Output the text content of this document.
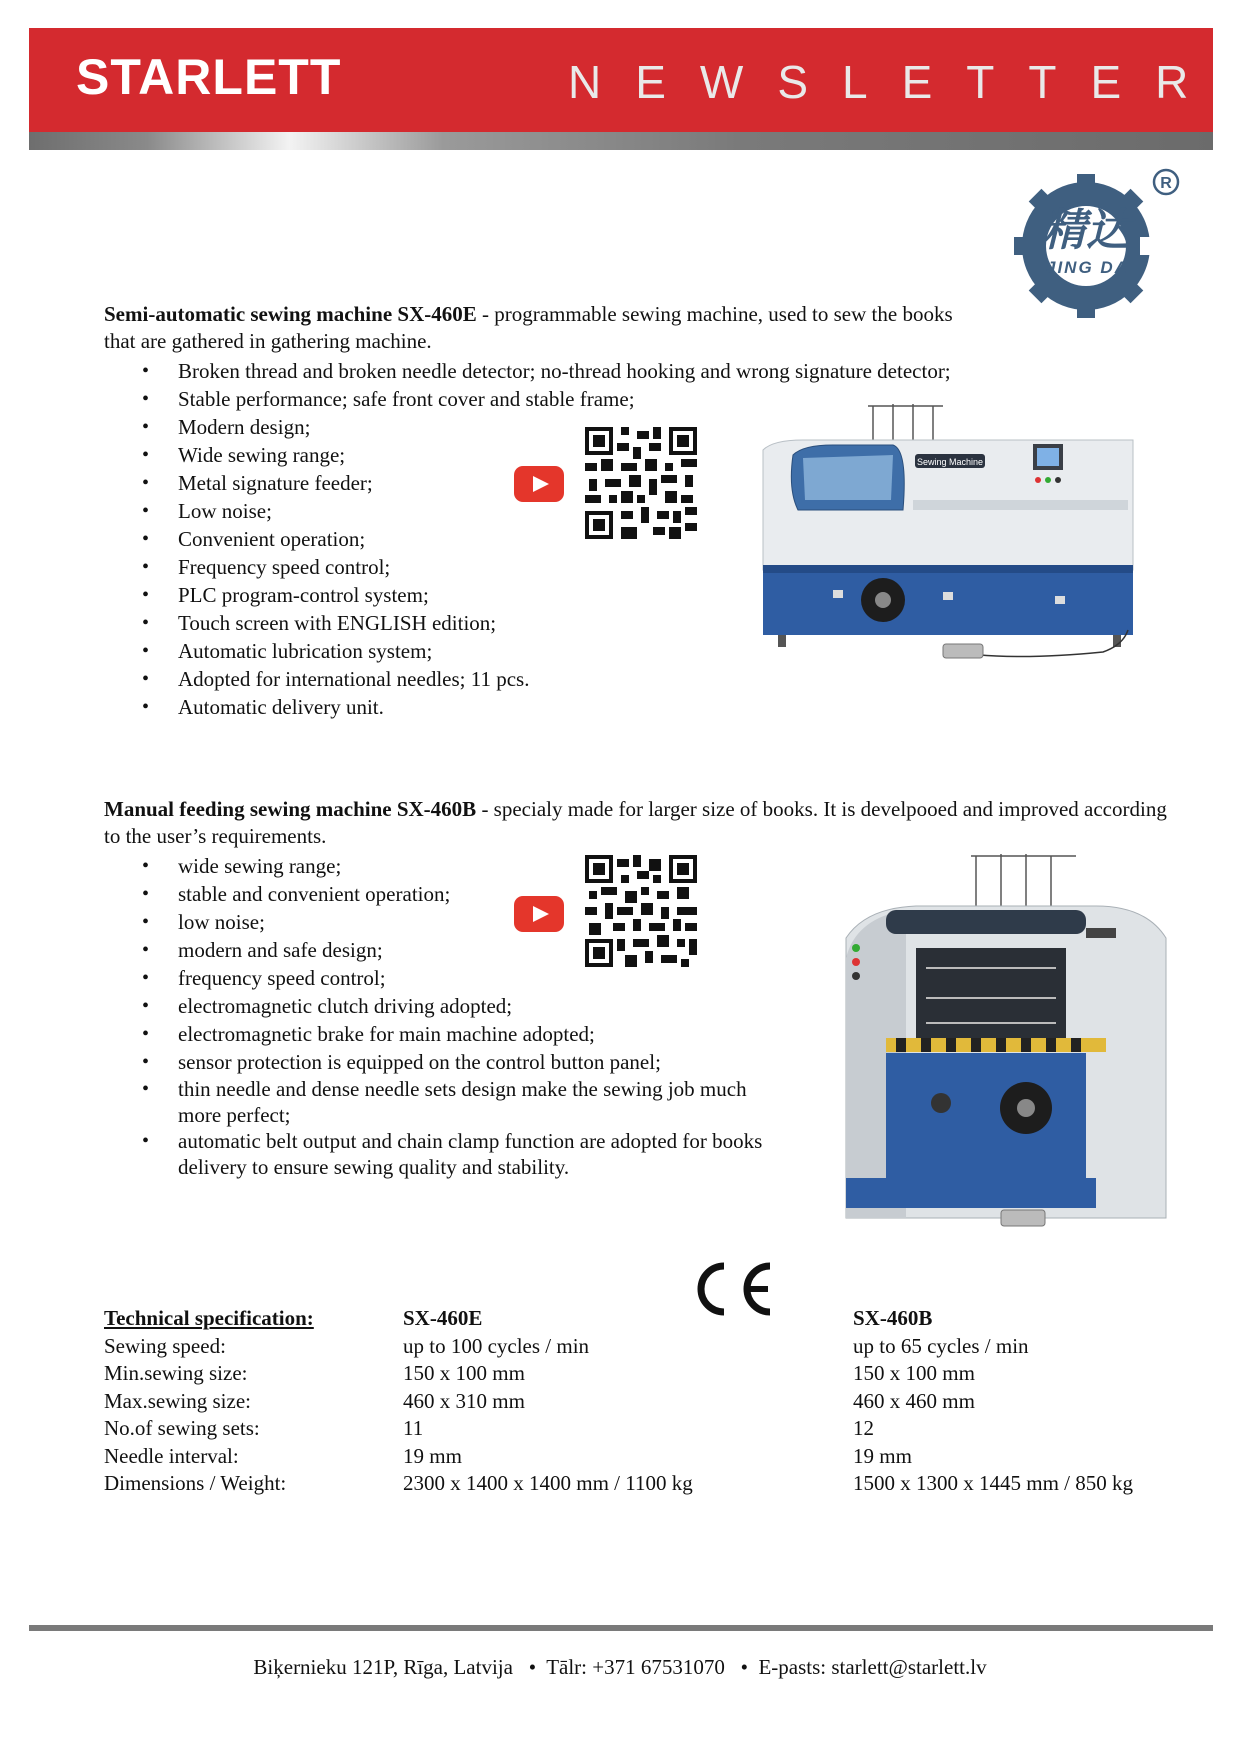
STARLETT	NEWSLETTER
R
精达
JING DA
Semi-automatic sewing machine SX-460E - programmable sewing machine, used to sew the books that are gathered in gathering machine.
• Broken thread and broken needle detector; no-thread hooking and wrong signature detector;
• Stable performance; safe front cover and stable frame;
• Modern design;
• Wide sewing range;
• Metal signature feeder;
• Low noise;
• Convenient operation;
• Frequency speed control;
• PLC program-control system;
• Touch screen with ENGLISH edition;
• Automatic lubrication system;
• Adopted for international needles; 11 pcs.
• Automatic delivery unit.
Sewing Machine
Manual feeding sewing machine SX-460B - specialy made for larger size of books. It is develpooed and improved according to the user’s requirements.
• wide sewing range;
• stable and convenient operation;
• low noise;
• modern and safe design;
• frequency speed control;
• electromagnetic clutch driving adopted;
• electromagnetic brake for main machine adopted;
• sensor protection is equipped on the control button panel;
• thin needle and dense needle sets design make the sewing job much more perfect;
• automatic belt output and chain clamp function are adopted for books delivery to ensure sewing quality and stability.
Technical specification:
Sewing speed:
Min.sewing size:
Max.sewing size:
No.of sewing sets:
Needle interval:
Dimensions / Weight:
SX-460E
up to 100 cycles / min
150 x 100 mm
460 x 310 mm
11
19 mm
2300 x 1400 x 1400 mm / 1100 kg
SX-460B
up to 65 cycles / min
150 x 100 mm
460 x 460 mm
12
19 mm
1500 x 1300 x 1445 mm / 850 kg
Biķernieku 121P, Rīga, Latvija • Tālr: +371 67531070 • E-pasts: starlett@starlett.lv
